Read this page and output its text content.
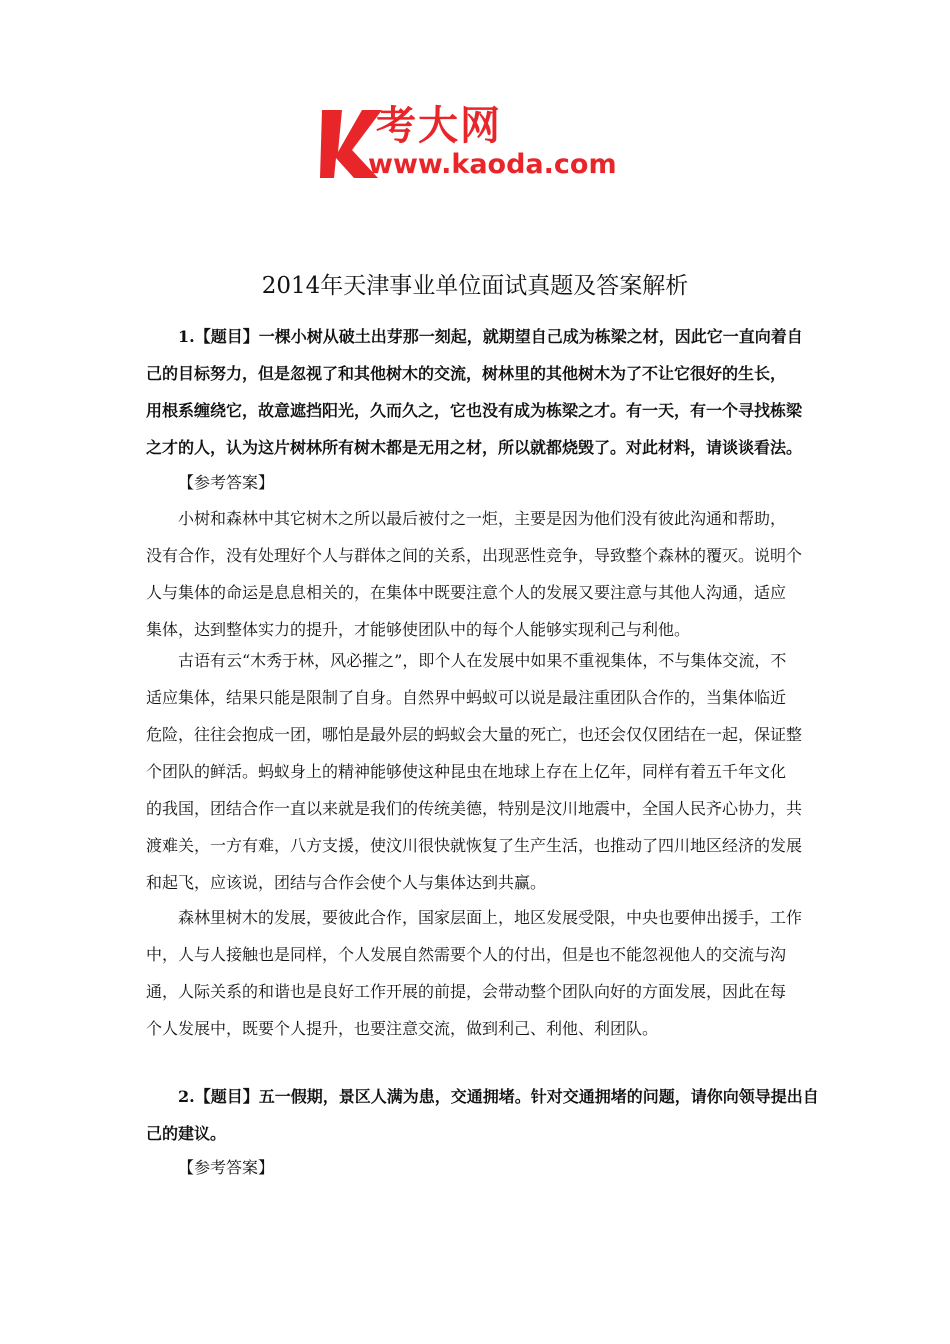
考大网
www.kaoda.com
2014年天津事业单位面试真题及答案解析
1.【题目】一棵小树从破土出芽那一刻起，就期望自己成为栋梁之材，因此它一直向着自
己的目标努力，但是忽视了和其他树木的交流，树林里的其他树木为了不让它很好的生长，
用根系缠绕它，故意遮挡阳光，久而久之，它也没有成为栋梁之才。有一天，有一个寻找栋梁
之才的人，认为这片树林所有树木都是无用之材，所以就都烧毁了。对此材料，请谈谈看法。
【参考答案】
小树和森林中其它树木之所以最后被付之一炬，主要是因为他们没有彼此沟通和帮助，
没有合作，没有处理好个人与群体之间的关系，出现恶性竞争，导致整个森林的覆灭。说明个
人与集体的命运是息息相关的，在集体中既要注意个人的发展又要注意与其他人沟通，适应
集体，达到整体实力的提升，才能够使团队中的每个人能够实现利己与利他。
古语有云“木秀于林，风必摧之”，即个人在发展中如果不重视集体，不与集体交流，不
适应集体，结果只能是限制了自身。自然界中蚂蚁可以说是最注重团队合作的，当集体临近
危险，往往会抱成一团，哪怕是最外层的蚂蚁会大量的死亡，也还会仅仅团结在一起，保证整
个团队的鲜活。蚂蚁身上的精神能够使这种昆虫在地球上存在上亿年，同样有着五千年文化
的我国，团结合作一直以来就是我们的传统美德，特别是汶川地震中，全国人民齐心协力，共
渡难关，一方有难，八方支援，使汶川很快就恢复了生产生活，也推动了四川地区经济的发展
和起飞，应该说，团结与合作会使个人与集体达到共赢。
森林里树木的发展，要彼此合作，国家层面上，地区发展受限，中央也要伸出援手，工作
中，人与人接触也是同样，个人发展自然需要个人的付出，但是也不能忽视他人的交流与沟
通，人际关系的和谐也是良好工作开展的前提，会带动整个团队向好的方面发展，因此在每
个人发展中，既要个人提升，也要注意交流，做到利己、利他、利团队。
2.【题目】五一假期，景区人满为患，交通拥堵。针对交通拥堵的问题，请你向领导提出自
己的建议。
【参考答案】
